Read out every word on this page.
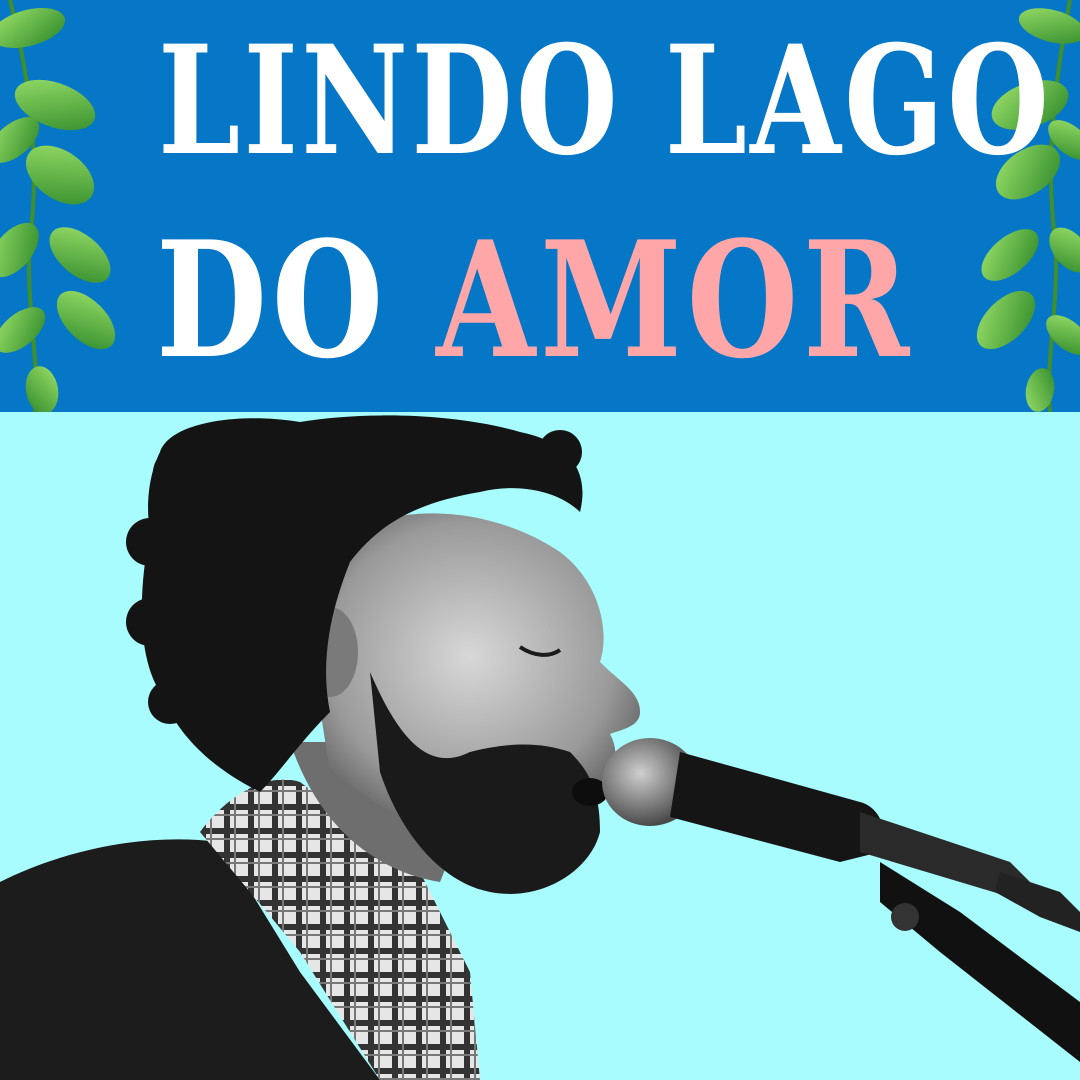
LINDO LAGO
DO AMOR
